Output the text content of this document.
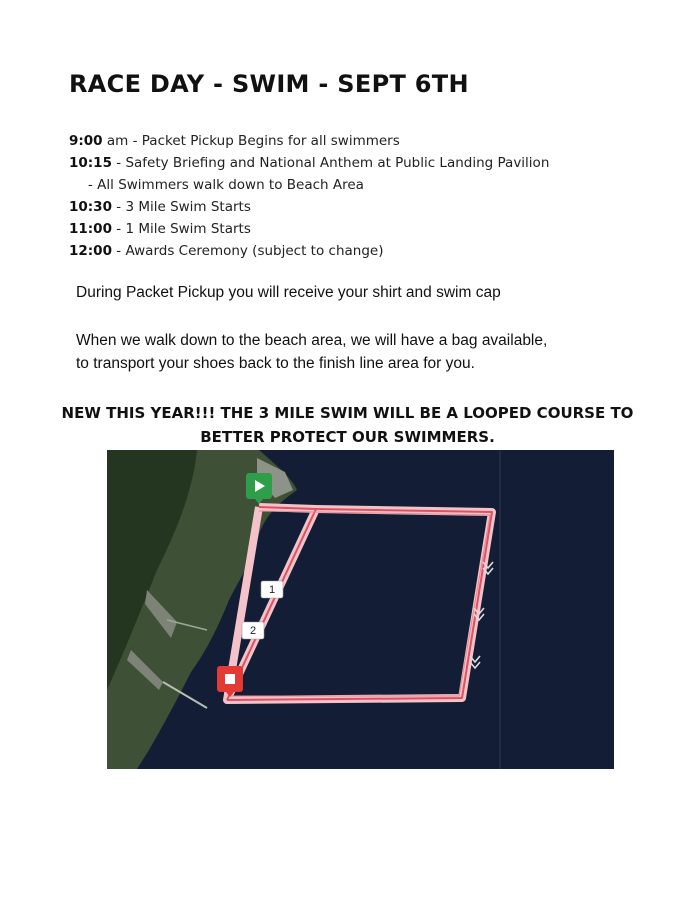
RACE DAY - SWIM - SEPT 6TH
9:00 am - Packet Pickup Begins for all swimmers
10:15 - Safety Briefing and National Anthem at Public Landing Pavilion
- All Swimmers walk down to Beach Area
10:30 - 3 Mile Swim Starts
11:00 - 1 Mile Swim Starts
12:00 - Awards Ceremony (subject to change)
During Packet Pickup you will receive your shirt and swim cap
When we walk down to the beach area, we will have a bag available,
to transport your shoes back to the finish line area for you.
NEW THIS YEAR!!! THE 3 MILE SWIM WILL BE A LOOPED COURSE TO
BETTER PROTECT OUR SWIMMERS.
1
2
